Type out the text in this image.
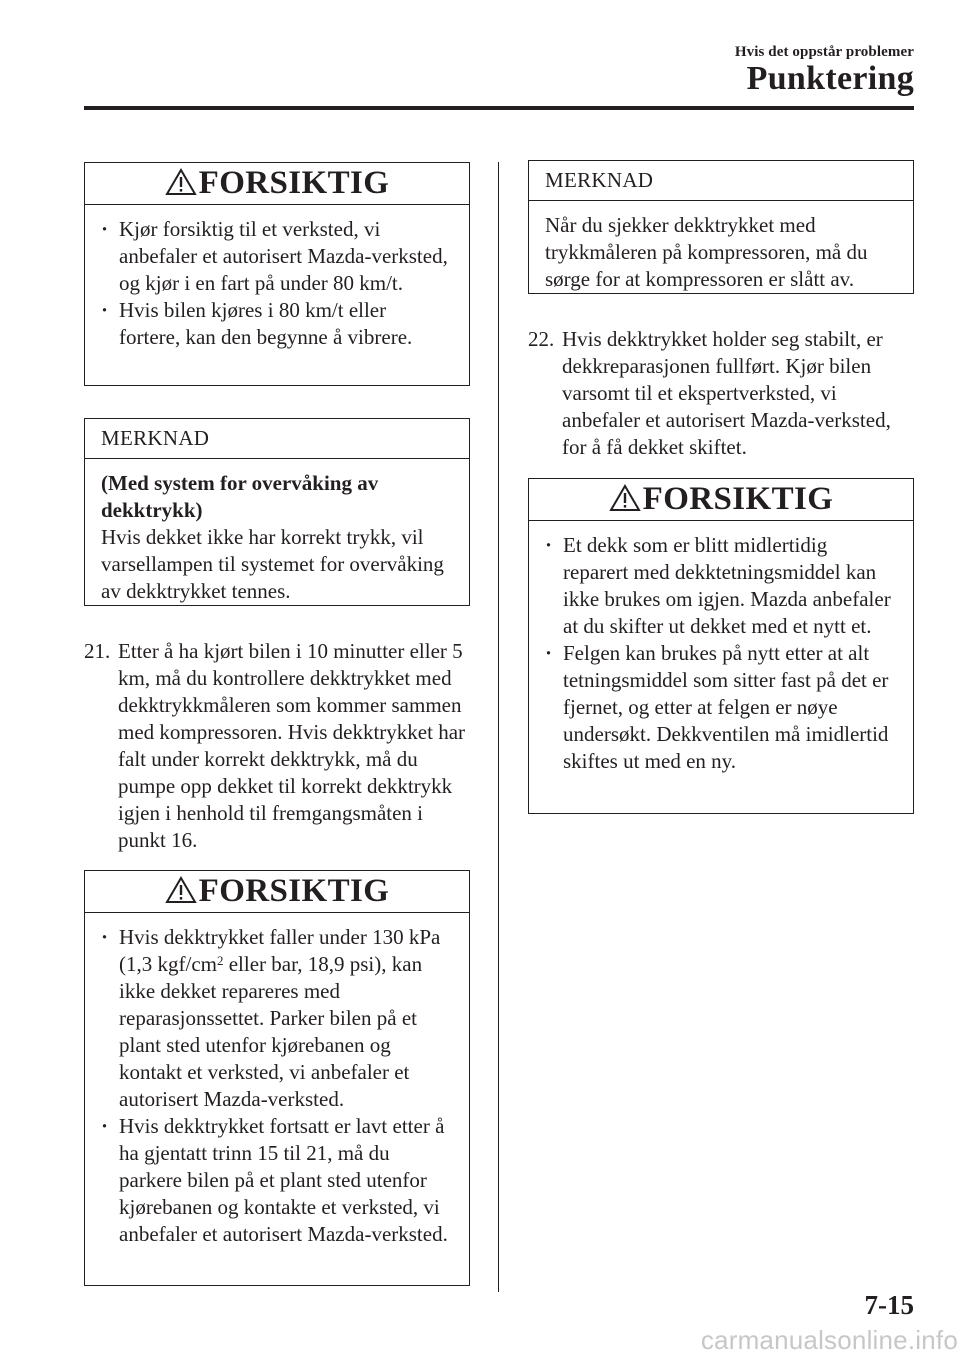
Hvis det oppstår problemer
Punktering
FORSIKTIG
· Kjør forsiktig til et verksted, vi anbefaler et autorisert Mazda-verksted, og kjør i en fart på under 80 km/t.
· Hvis bilen kjøres i 80 km/t eller fortere, kan den begynne å vibrere.
MERKNAD
(Med system for overvåking av dekktrykk)
Hvis dekket ikke har korrekt trykk, vil varsellampen til systemet for overvåking av dekktrykket tennes.
21. Etter å ha kjørt bilen i 10 minutter eller 5 km, må du kontrollere dekktrykket med dekktrykkmåleren som kommer sammen med kompressoren. Hvis dekktrykket har falt under korrekt dekktrykk, må du pumpe opp dekket til korrekt dekktrykk igjen i henhold til fremgangsmåten i punkt 16.
FORSIKTIG
· Hvis dekktrykket faller under 130 kPa (1,3 kgf/$cm^2$ eller bar, 18,9 psi), kan ikke dekket repareres med reparasjonssettet. Parker bilen på et plant sted utenfor kjørebanen og kontakt et verksted, vi anbefaler et autorisert Mazda-verksted.
· Hvis dekktrykket fortsatt er lavt etter å ha gjentatt trinn 15 til 21, må du parkere bilen på et plant sted utenfor kjørebanen og kontakte et verksted, vi anbefaler et autorisert Mazda-verksted.
MERKNAD
Når du sjekker dekktrykket med trykkmåleren på kompressoren, må du sørge for at kompressoren er slått av.
22. Hvis dekktrykket holder seg stabilt, er dekkreparasjonen fullført. Kjør bilen varsomt til et ekspertverksted, vi anbefaler et autorisert Mazda-verksted, for å få dekket skiftet.
FORSIKTIG
· Et dekk som er blitt midlertidig reparert med dekktetningsmiddel kan ikke brukes om igjen. Mazda anbefaler at du skifter ut dekket med et nytt et.
· Felgen kan brukes på nytt etter at alt tetningsmiddel som sitter fast på det er fjernet, og etter at felgen er nøye undersøkt. Dekkventilen må imidlertid skiftes ut med en ny.
7-15
carmanualsonline.info
